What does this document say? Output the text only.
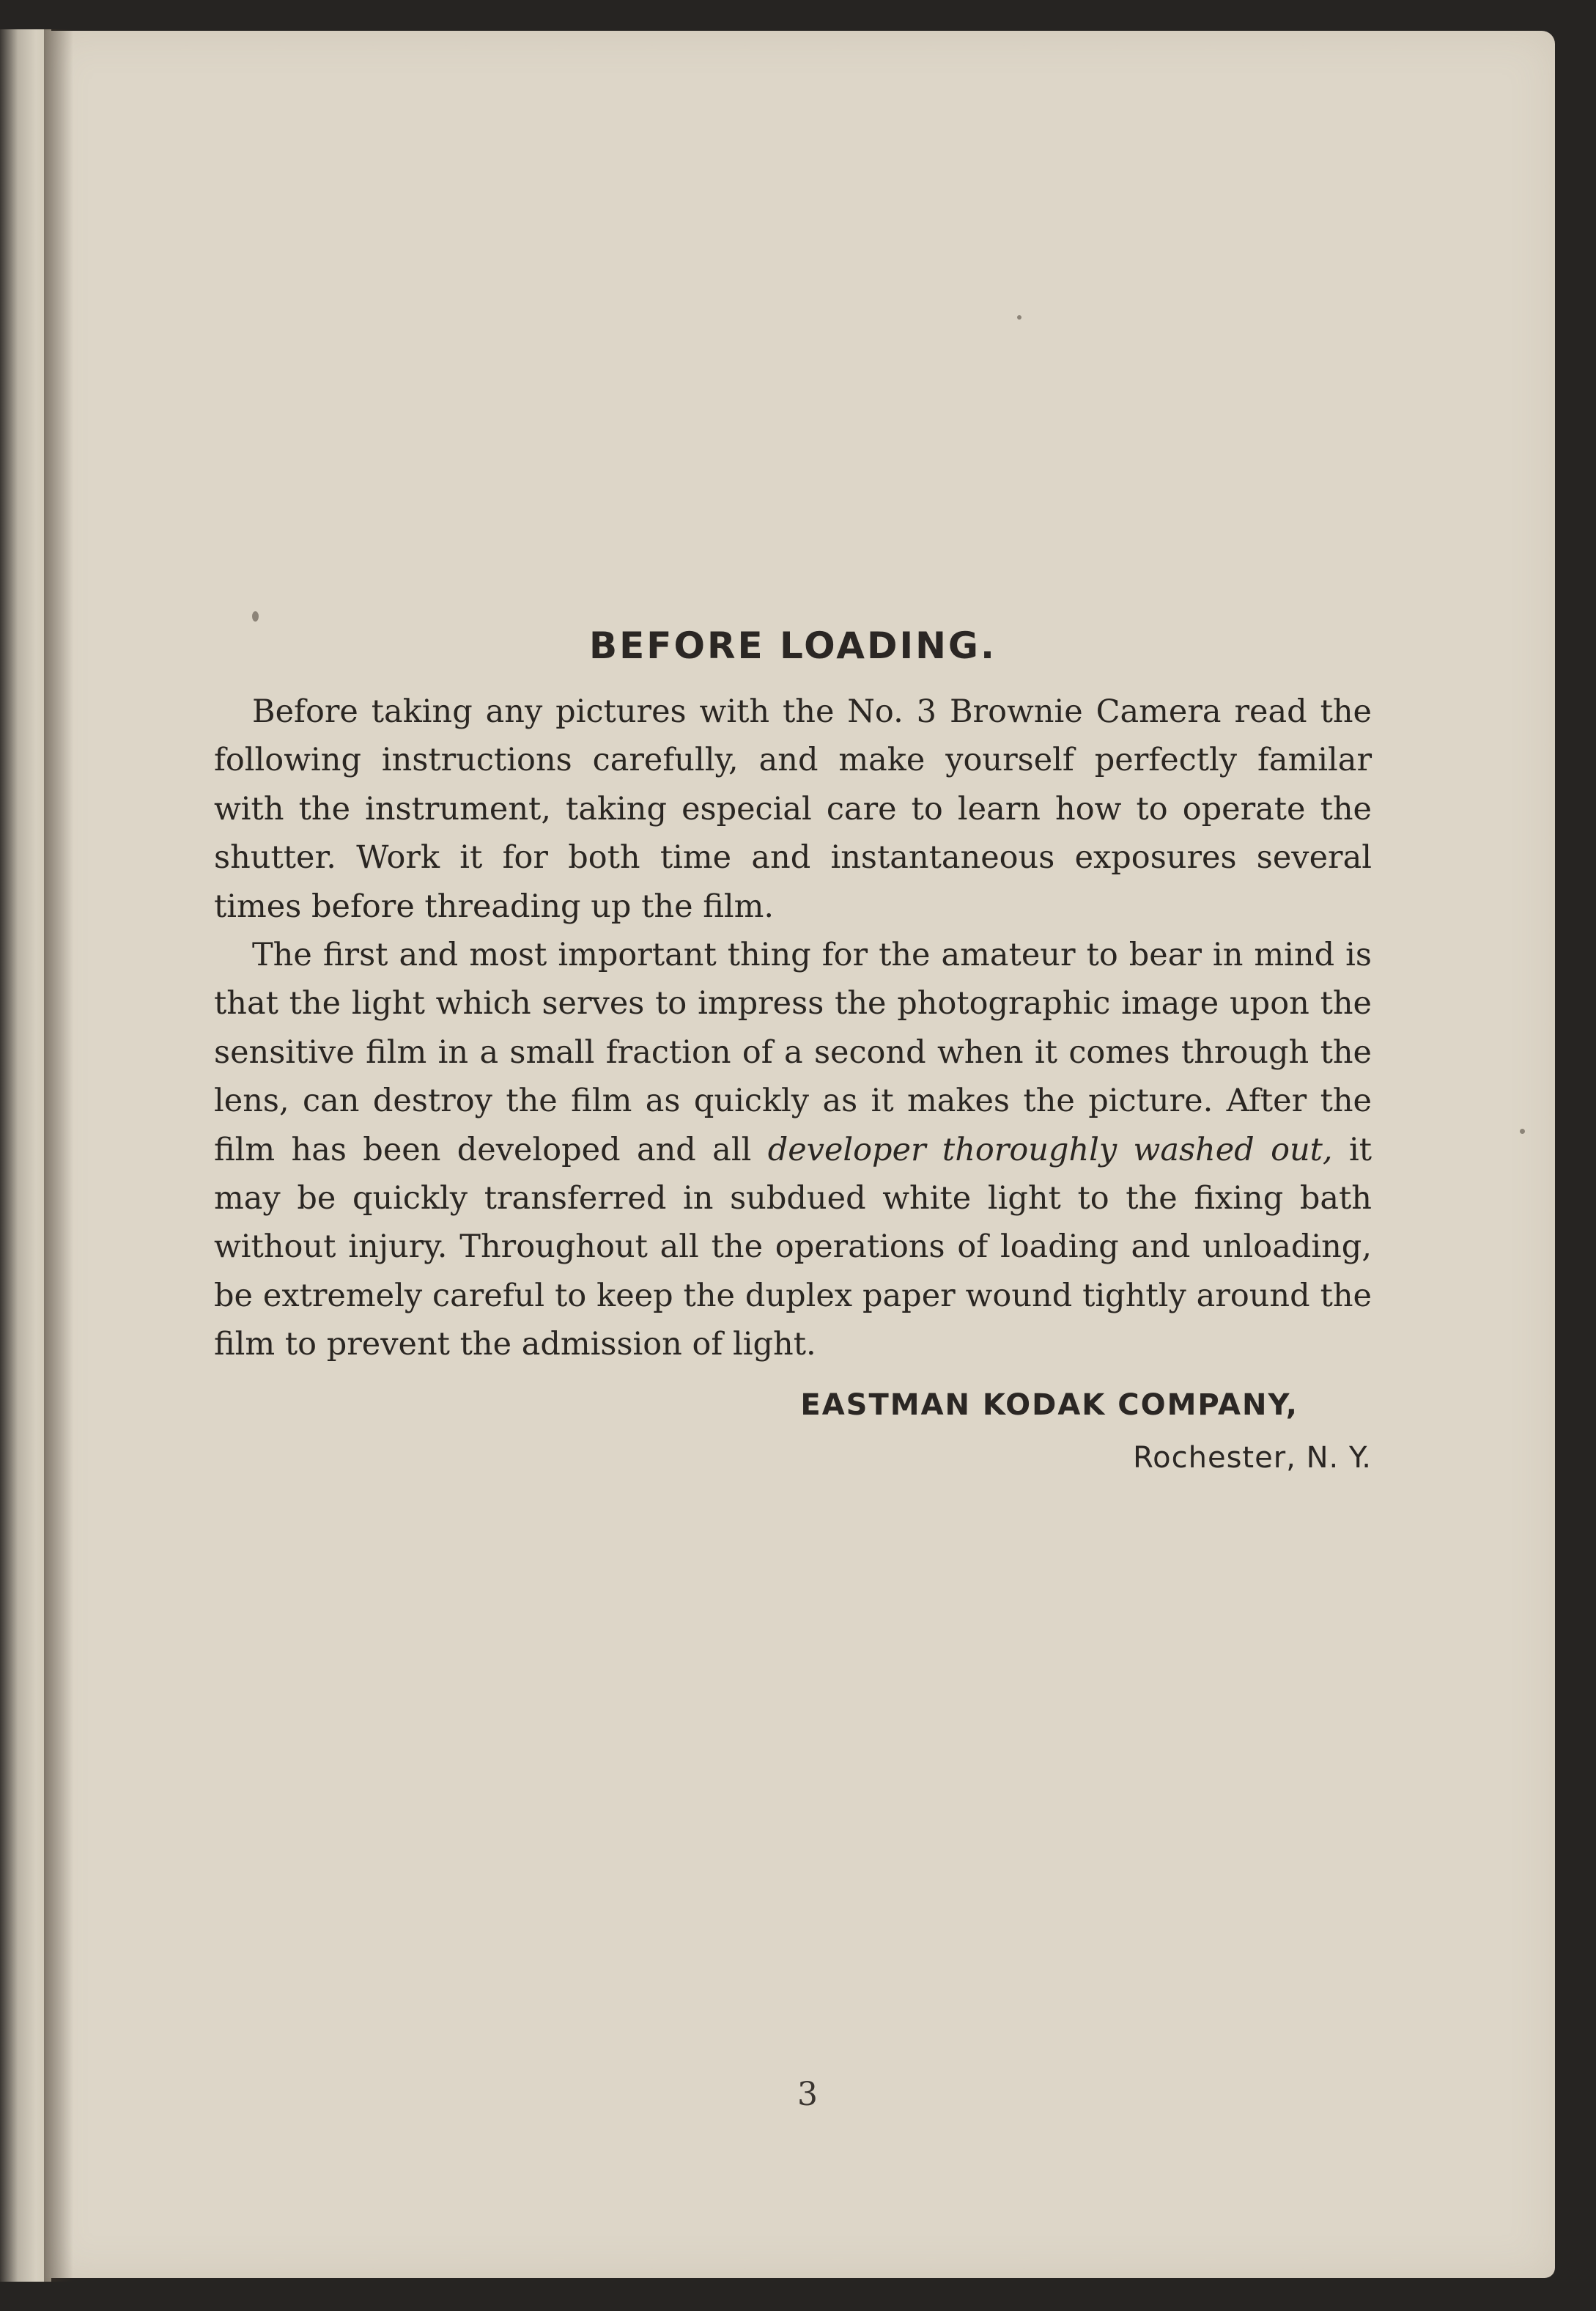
BEFORE LOADING.

Before taking any pictures with the No. 3 Brownie Camera read the following instructions carefully, and make yourself perfectly familar with the instrument, taking especial care to learn how to operate the shutter. Work it for both time and instantaneous exposures several times before threading up the film.

The first and most important thing for the amateur to bear in mind is that the light which serves to impress the photographic image upon the sensitive film in a small fraction of a second when it comes through the lens, can destroy the film as quickly as it makes the picture. After the film has been developed and all developer thoroughly washed out, it may be quickly transferred in subdued white light to the fixing bath without injury. Throughout all the operations of loading and unloading, be extremely careful to keep the duplex paper wound tightly around the film to prevent the admission of light.

EASTMAN KODAK COMPANY,
Rochester, N. Y.
3
